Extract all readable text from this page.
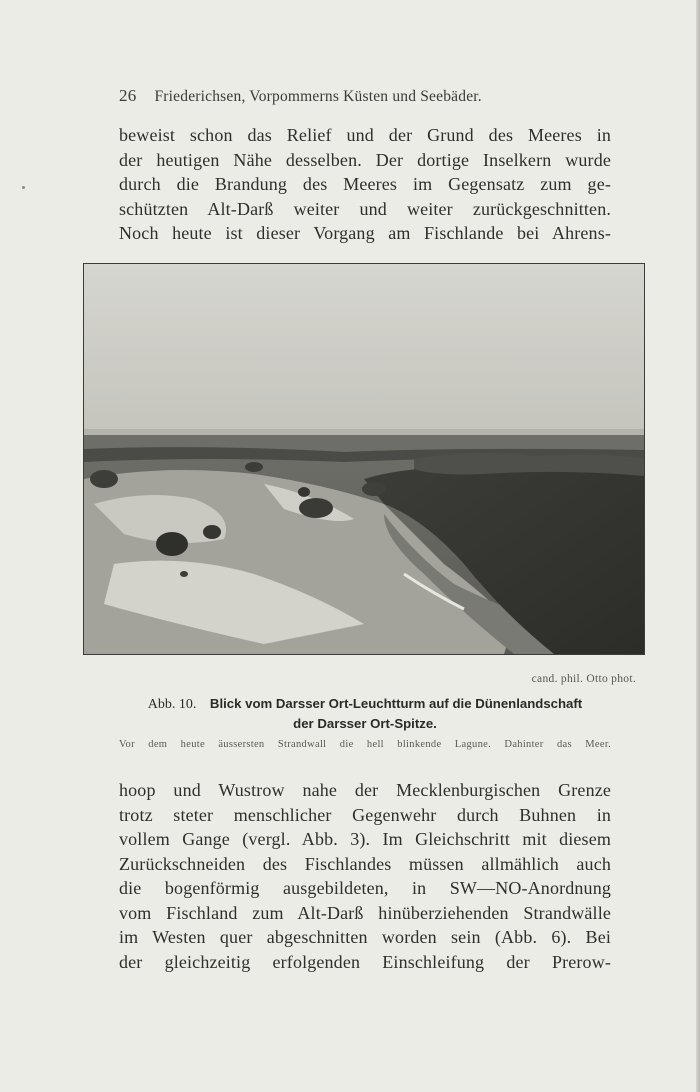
26 Friederichsen, Vorpommerns Küsten und Seebäder.
beweist schon das Relief und der Grund des Meeres in
der heutigen Nähe desselben. Der dortige Inselkern wurde
durch die Brandung des Meeres im Gegensatz zum ge-
schützten Alt-Darß weiter und weiter zurückgeschnitten.
Noch heute ist dieser Vorgang am Fischlande bei Ahrens-
cand. phil. Otto phot.
Abb. 10. Blick vom Darsser Ort-Leuchtturm auf die Dünenlandschaft
der Darsser Ort-Spitze.
Vor dem heute äussersten Strandwall die hell blinkende Lagune. Dahinter das Meer.
hoop und Wustrow nahe der Mecklenburgischen Grenze
trotz steter menschlicher Gegenwehr durch Buhnen in
vollem Gange (vergl. Abb. 3). Im Gleichschritt mit diesem
Zurückschneiden des Fischlandes müssen allmählich auch
die bogenförmig ausgebildeten, in SW—NO-Anordnung
vom Fischland zum Alt-Darß hinüberziehenden Strandwälle
im Westen quer abgeschnitten worden sein (Abb. 6). Bei
der gleichzeitig erfolgenden Einschleifung der Prerow-
